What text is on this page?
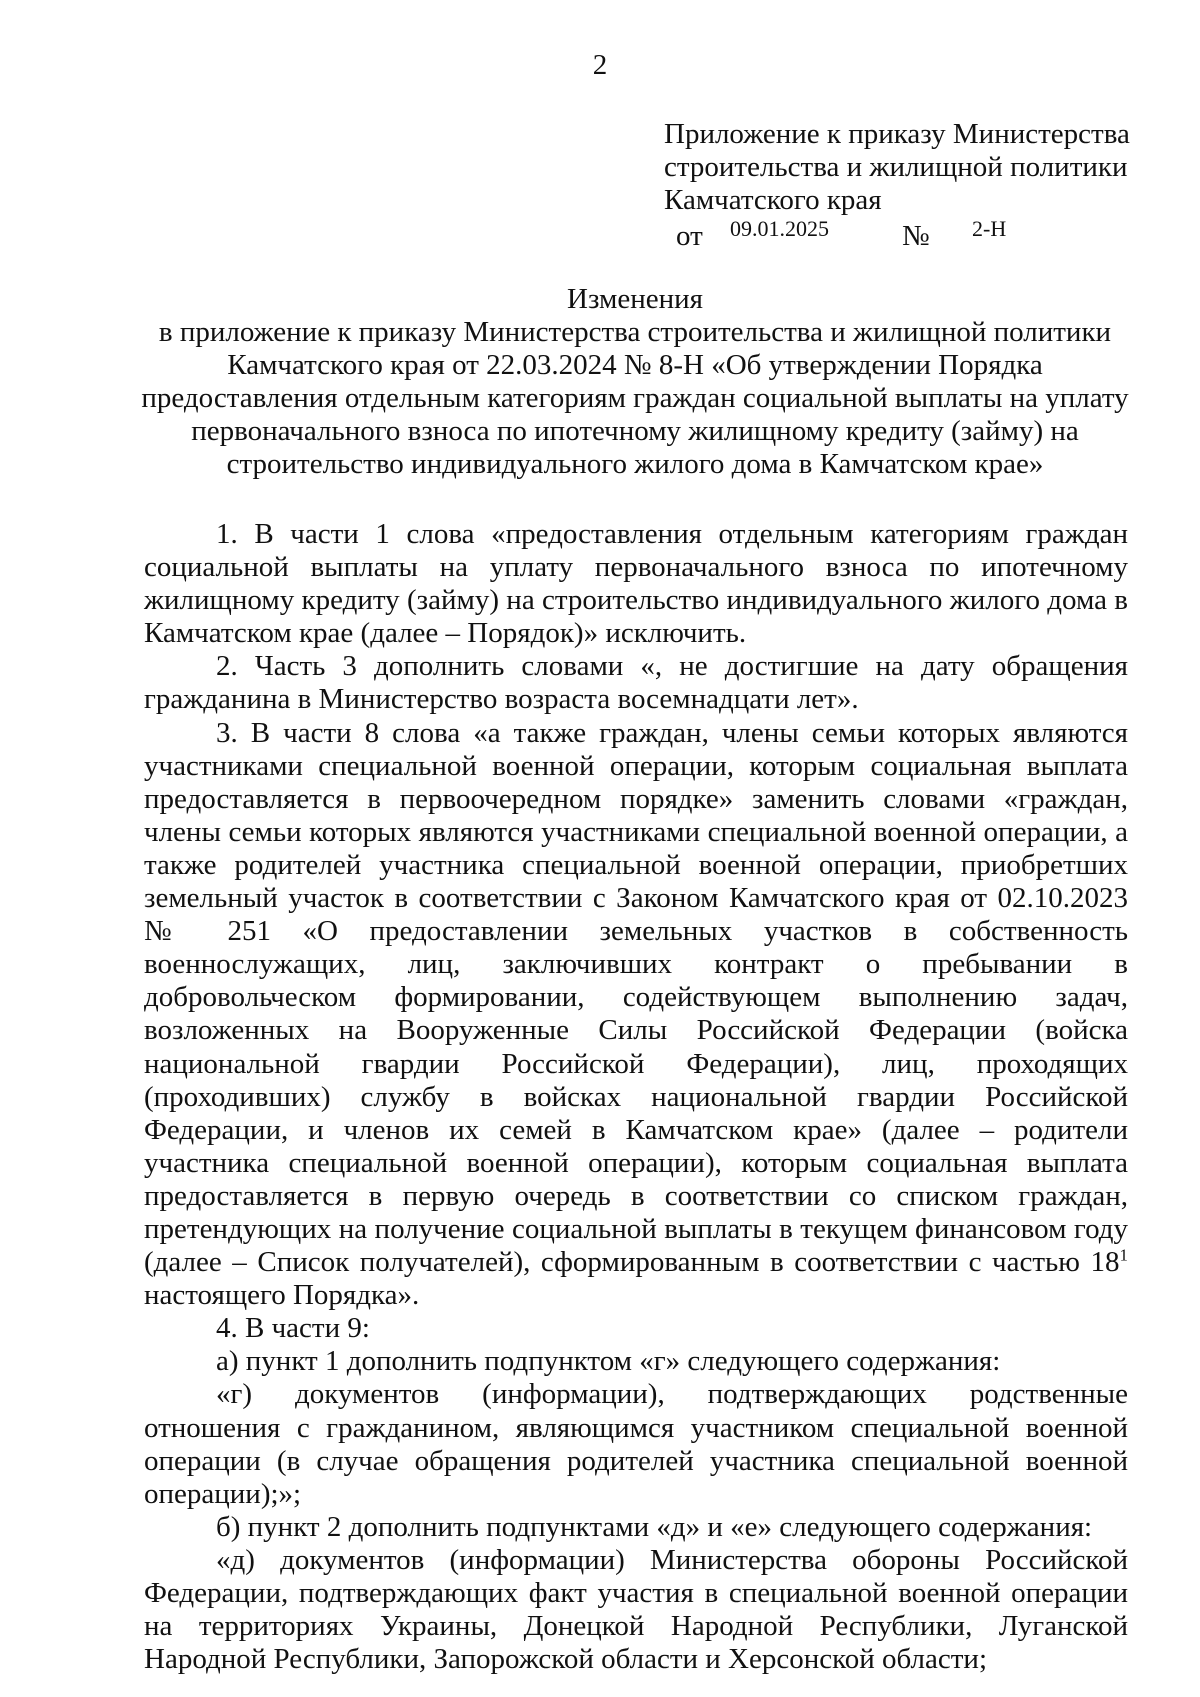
2
Приложение к приказу Министерства
строительства и жилищной политики
Камчатского края
от 09.01.2025	№ 2-Н
Изменения
в приложение к приказу Министерства строительства и жилищной политики
Камчатского края от 22.03.2024 № 8-Н «Об утверждении Порядка
предоставления отдельным категориям граждан социальной выплаты на уплату
первоначального взноса по ипотечному жилищному кредиту (займу) на
строительство индивидуального жилого дома в Камчатском крае»

1. В части 1 слова «предоставления отдельным категориям граждан социальной выплаты на уплату первоначального взноса по ипотечному жилищному кредиту (займу) на строительство индивидуального жилого дома в Камчатском крае (далее – Порядок)» исключить.

2. Часть 3 дополнить словами «, не достигшие на дату обращения гражданина в Министерство возраста восемнадцати лет».

3. В части 8 слова «а также граждан, члены семьи которых являются участниками специальной военной операции, которым социальная выплата предоставляется в первоочередном порядке» заменить словами «граждан, члены семьи которых являются участниками специальной военной операции, а также родителей участника специальной военной операции, приобретших земельный участок в соответствии с Законом Камчатского края от 02.10.2023 № 251 «О предоставлении земельных участков в собственность военнослужащих, лиц, заключивших контракт о пребывании в добровольческом формировании, содействующем выполнению задач, возложенных на Вооруженные Силы Российской Федерации (войска национальной гвардии Российской Федерации), лиц, проходящих (проходивших) службу в войсках национальной гвардии Российской Федерации, и членов их семей в Камчатском крае» (далее – родители участника специальной военной операции), которым социальная выплата предоставляется в первую очередь в соответствии со списком граждан, претендующих на получение социальной выплаты в текущем финансовом году (далее – Список получателей), сформированным в соответствии с частью $18^1$ настоящего Порядка».

4. В части 9:

а) пункт 1 дополнить подпунктом «г» следующего содержания:

«г) документов (информации), подтверждающих родственные отношения с гражданином, являющимся участником специальной военной операции (в случае обращения родителей участника специальной военной операции);»;

б) пункт 2 дополнить подпунктами «д» и «е» следующего содержания:

«д) документов (информации) Министерства обороны Российской Федерации, подтверждающих факт участия в специальной военной операции на территориях Украины, Донецкой Народной Республики, Луганской Народной Республики, Запорожской области и Херсонской области;
